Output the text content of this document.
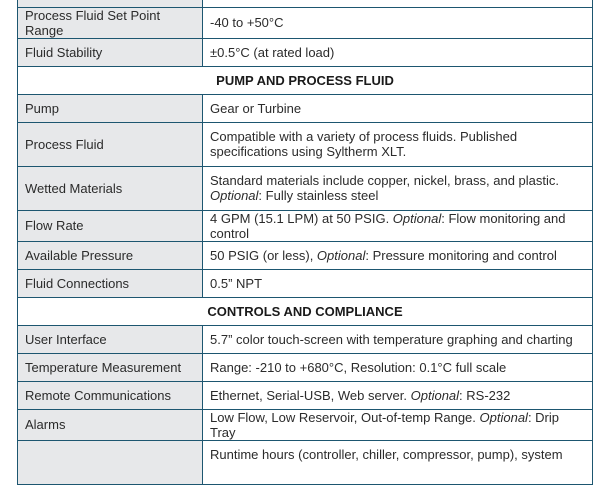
Process Fluid Set Point Range	-40 to +50°C
Fluid Stability	±0.5°C (at rated load)
PUMP AND PROCESS FLUID	
Pump	Gear or Turbine
Process Fluid	Compatible with a variety of process fluids. Published
specifications using Syltherm XLT.
Wetted Materials	Standard materials include copper, nickel, brass, and plastic.
Optional: Fully stainless steel
Flow Rate	4 GPM (15.1 LPM) at 50 PSIG. Optional: Flow monitoring and control
Available Pressure	50 PSIG (or less), Optional: Pressure monitoring and control
Fluid Connections	0.5” NPT
CONTROLS AND COMPLIANCE	
User Interface	5.7” color touch-screen with temperature graphing and charting
Temperature Measurement	Range: -210 to +680°C, Resolution: 0.1°C full scale
Remote Communications	Ethernet, Serial-USB, Web server. Optional: RS-232
Alarms	Low Flow, Low Reservoir, Out-of-temp Range. Optional: Drip Tray
	Runtime hours (controller, chiller, compressor, pump), system
